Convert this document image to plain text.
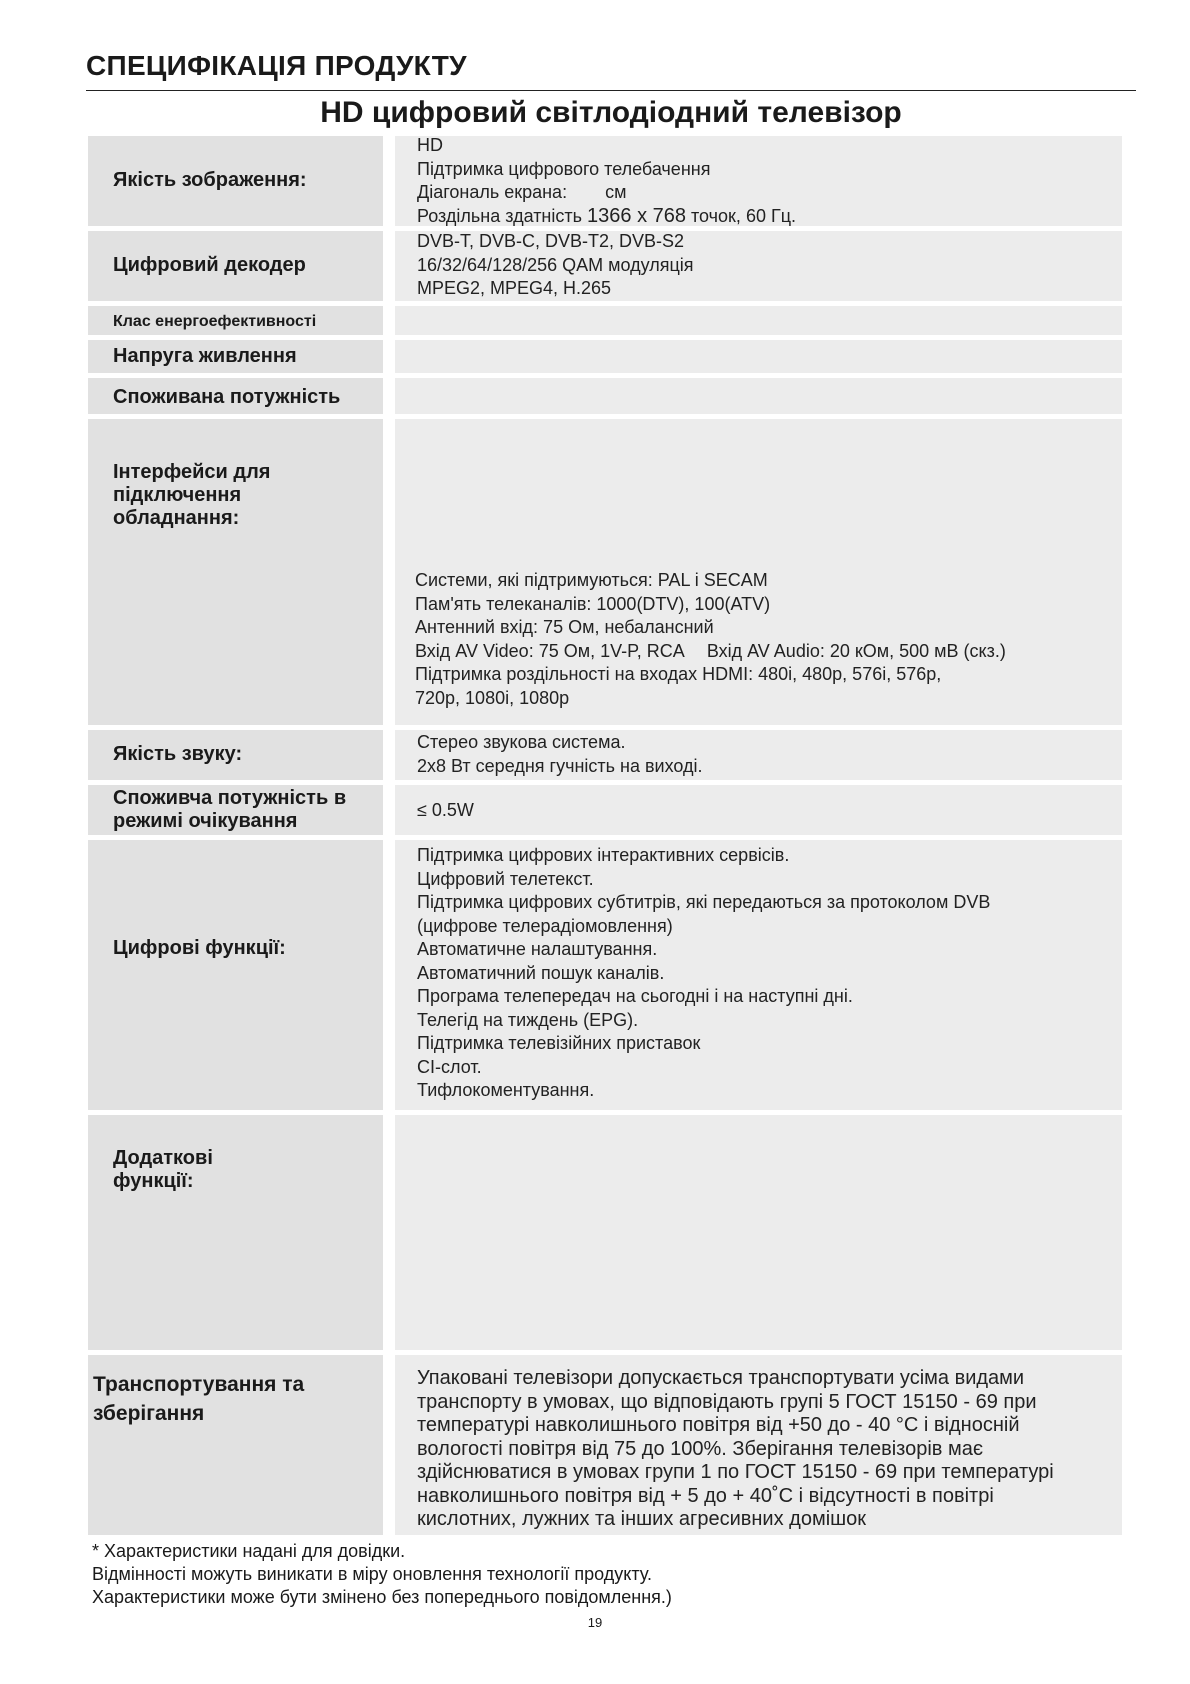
СПЕЦИФІКАЦІЯ ПРОДУКТУ
HD цифровий світлодіодний телевізор
Якість зображення:
HD
Підтримка цифрового телебачення
Діагональ екрана: см
Роздільна здатність 1366 x 768 точок, 60 Гц.
Цифровий декодер
DVB-T, DVB-C, DVB-T2, DVB-S2
16/32/64/128/256 QAM модуляція
MPEG2, MPEG4, H.265
Клас енергоефективності
Напруга живлення
Споживана потужність
Інтерфейси для підключення обладнання:
Системи, які підтримуються: PAL і SECAM
Пам'ять телеканалів: 1000(DTV), 100(ATV)
Антенний вхід: 75 Ом, небалансний
Вхід AV Video: 75 Ом, 1V-P, RCA Вхід AV Audio: 20 кОм, 500 мВ (скз.)
Підтримка роздільності на входах HDMI: 480i, 480p, 576i, 576p,
720p, 1080i, 1080p
Якість звуку:
Стерео звукова система.
2x8 Вт середня гучність на виході.
Споживча потужність в режимі очікування	≤ 0.5W
Цифрові функції:
Підтримка цифрових інтерактивних сервісів.
Цифровий телетекст.
Підтримка цифрових субтитрів, які передаються за протоколом DVB
(цифрове телерадіомовлення)
Автоматичне налаштування.
Автоматичний пошук каналів.
Програма телепередач на сьогодні і на наступні дні.
Телегід на тиждень (EPG).
Підтримка телевізійних приставок
CI-слот.
Тифлокоментування.
Додаткові функції:
Транспортування та зберігання
Упаковані телевізори допускається транспортувати усіма видами
транспорту в умовах, що відповідають групі 5 ГОСТ 15150 - 69 при
температурі навколишнього повітря від +50 до - 40 °С і відносній
вологості повітря від 75 до 100%. Зберігання телевізорів має
здійснюватися в умовах групи 1 по ГОСТ 15150 - 69 при температурі
навколишнього повітря від + 5 до + 40˚С і відсутності в повітрі
кислотних, лужних та інших агресивних домішок
* Характеристики надані для довідки.
Відмінності можуть виникати в міру оновлення технології продукту.
Характеристики може бути змінено без попереднього повідомлення.)
19
